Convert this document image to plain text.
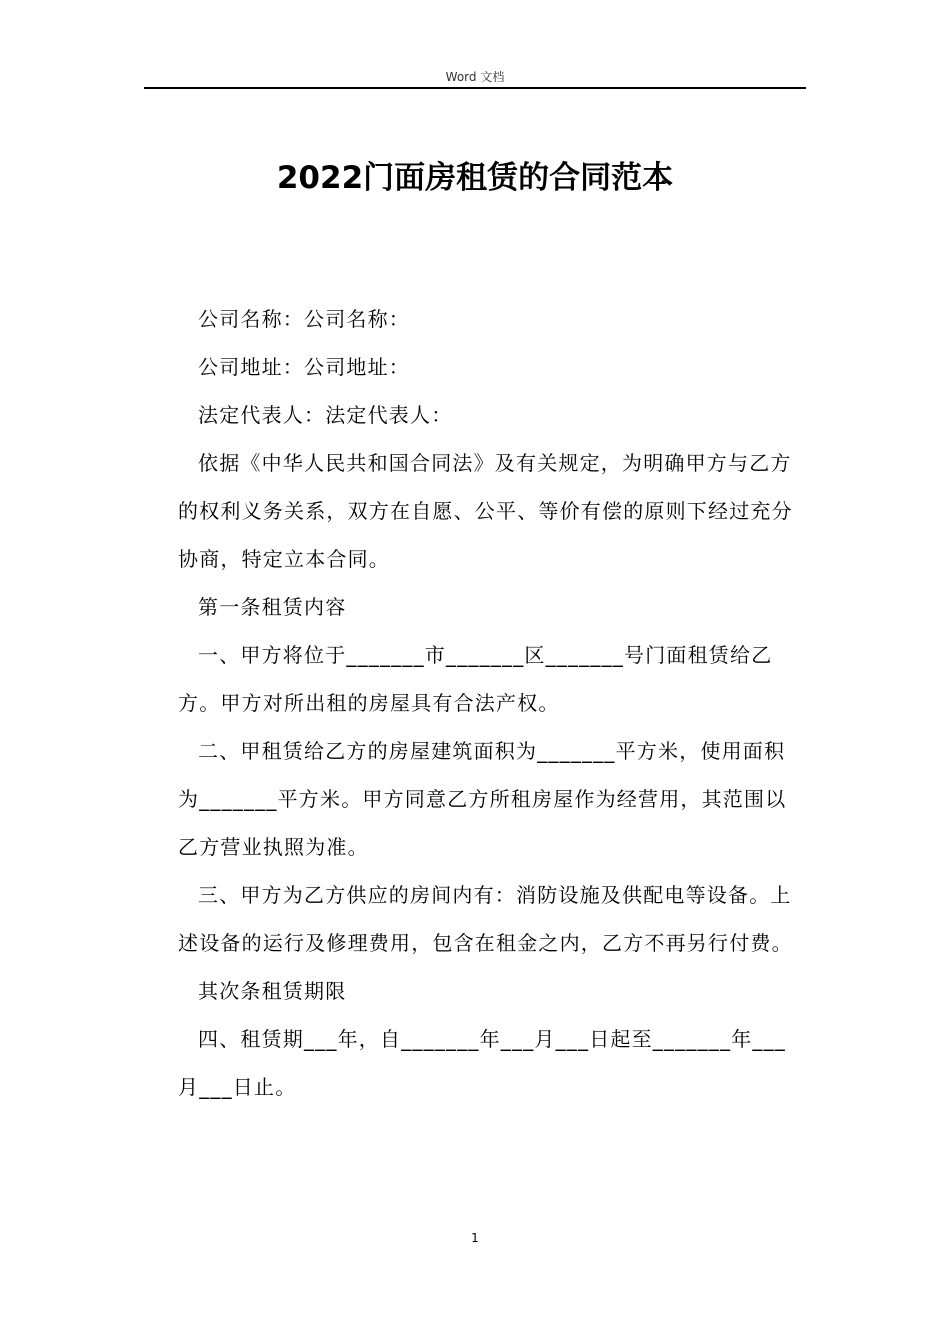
Word 文档
2022门面房租赁的合同范本

公司名称：公司名称：

公司地址：公司地址：

法定代表人：法定代表人：

依据《中华人民共和国合同法》及有关规定，为明确甲方与乙方的权利义务关系，双方在自愿、公平、等价有偿的原则下经过充分协商，特定立本合同。

第一条租赁内容

一、甲方将位于_______市_______区_______号门面租赁给乙方。甲方对所出租的房屋具有合法产权。

二、甲租赁给乙方的房屋建筑面积为_______平方米，使用面积为_______平方米。甲方同意乙方所租房屋作为经营用，其范围以乙方营业执照为准。

三、甲方为乙方供应的房间内有：消防设施及供配电等设备。上述设备的运行及修理费用，包含在租金之内，乙方不再另行付费。

其次条租赁期限

四、租赁期___年，自_______年___月___日起至_______年___月___日止。

1
